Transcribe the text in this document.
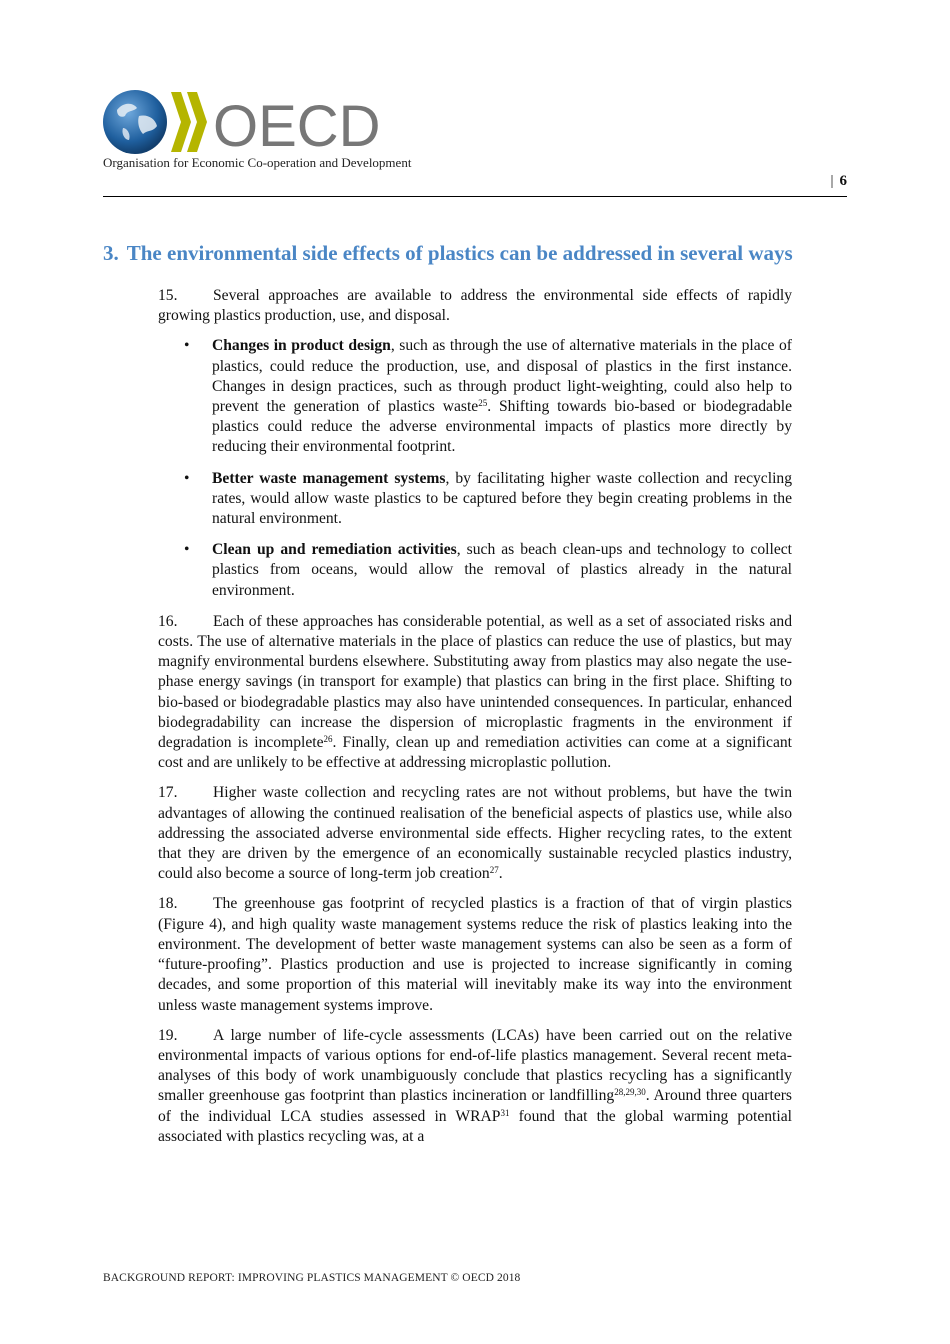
OECD
Organisation for Economic Co-operation and Development
| 6
3. The environmental side effects of plastics can be addressed in several ways

15. Several approaches are available to address the environmental side effects of rapidly growing plastics production, use, and disposal.

• Changes in product design, such as through the use of alternative materials in the place of plastics, could reduce the production, use, and disposal of plastics in the first instance. Changes in design practices, such as through product light-weighting, could also help to prevent the generation of plastics waste$^{25}$. Shifting towards bio-based or biodegradable plastics could reduce the adverse environmental impacts of plastics more directly by reducing their environmental footprint.
• Better waste management systems, by facilitating higher waste collection and recycling rates, would allow waste plastics to be captured before they begin creating problems in the natural environment.
• Clean up and remediation activities, such as beach clean-ups and technology to collect plastics from oceans, would allow the removal of plastics already in the natural environment.

16. Each of these approaches has considerable potential, as well as a set of associated risks and costs. The use of alternative materials in the place of plastics can reduce the use of plastics, but may magnify environmental burdens elsewhere. Substituting away from plastics may also negate the use-phase energy savings (in transport for example) that plastics can bring in the first place. Shifting to bio-based or biodegradable plastics may also have unintended consequences. In particular, enhanced biodegradability can increase the dispersion of microplastic fragments in the environment if degradation is incomplete$^{26}$. Finally, clean up and remediation activities can come at a significant cost and are unlikely to be effective at addressing microplastic pollution.

17. Higher waste collection and recycling rates are not without problems, but have the twin advantages of allowing the continued realisation of the beneficial aspects of plastics use, while also addressing the associated adverse environmental side effects. Higher recycling rates, to the extent that they are driven by the emergence of an economically sustainable recycled plastics industry, could also become a source of long-term job creation$^{27}$.

18. The greenhouse gas footprint of recycled plastics is a fraction of that of virgin plastics (Figure 4), and high quality waste management systems reduce the risk of plastics leaking into the environment. The development of better waste management systems can also be seen as a form of “future-proofing”. Plastics production and use is projected to increase significantly in coming decades, and some proportion of this material will inevitably make its way into the environment unless waste management systems improve.

19. A large number of life-cycle assessments (LCAs) have been carried out on the relative environmental impacts of various options for end-of-life plastics management. Several recent meta-analyses of this body of work unambiguously conclude that plastics recycling has a significantly smaller greenhouse gas footprint than plastics incineration or landfilling$^{28,29,30}$. Around three quarters of the individual LCA studies assessed in WRAP$^{31}$ found that the global warming potential associated with plastics recycling was, at a

BACKGROUND REPORT: IMPROVING PLASTICS MANAGEMENT © OECD 2018
